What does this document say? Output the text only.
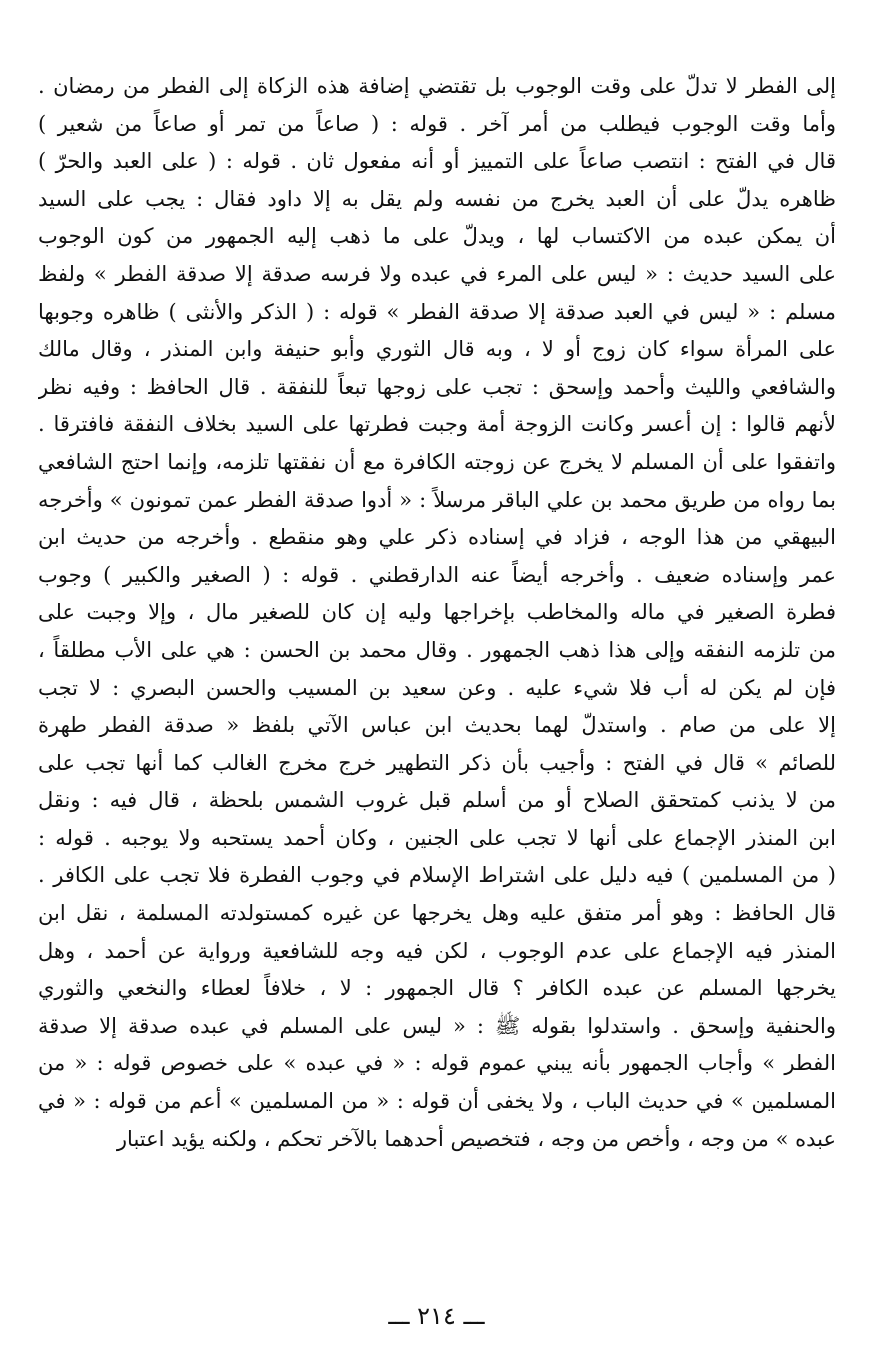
إلى الفطر لا تدلّ على وقت الوجوب بل تقتضي إضافة هذه الزكاة إلى الفطر من رمضان .
وأما وقت الوجوب فيطلب من أمر آخر . قوله : ( صاعاً من تمر أو صاعاً من شعير )
قال في الفتح : انتصب صاعاً على التمييز أو أنه مفعول ثان . قوله : ( على العبد والحرّ )
ظاهره يدلّ على أن العبد يخرج من نفسه ولم يقل به إلا داود فقال : يجب على السيد
أن يمكن عبده من الاكتساب لها ، ويدلّ على ما ذهب إليه الجمهور من كون الوجوب
على السيد حديث : « ليس على المرء في عبده ولا فرسه صدقة إلا صدقة الفطر » ولفظ
مسلم : « ليس في العبد صدقة إلا صدقة الفطر » قوله : ( الذكر والأنثى ) ظاهره وجوبها
على المرأة سواء كان زوج أو لا ، وبه قال الثوري وأبو حنيفة وابن المنذر ، وقال مالك
والشافعي والليث وأحمد وإسحق : تجب على زوجها تبعاً للنفقة . قال الحافظ : وفيه نظر
لأنهم قالوا : إن أعسر وكانت الزوجة أمة وجبت فطرتها على السيد بخلاف النفقة فافترقا .
واتفقوا على أن المسلم لا يخرج عن زوجته الكافرة مع أن نفقتها تلزمه، وإنما احتج الشافعي
بما رواه من طريق محمد بن علي الباقر مرسلاً : « أدوا صدقة الفطر عمن تمونون » وأخرجه
البيهقي من هذا الوجه ، فزاد في إسناده ذكر علي وهو منقطع . وأخرجه من حديث ابن
عمر وإسناده ضعيف . وأخرجه أيضاً عنه الدارقطني . قوله : ( الصغير والكبير ) وجوب
فطرة الصغير في ماله والمخاطب بإخراجها وليه إن كان للصغير مال ، وإلا وجبت على
من تلزمه النفقه وإلى هذا ذهب الجمهور . وقال محمد بن الحسن : هي على الأب مطلقاً ،
فإن لم يكن له أب فلا شيء عليه . وعن سعيد بن المسيب والحسن البصري : لا تجب
إلا على من صام . واستدلّ لهما بحديث ابن عباس الآتي بلفظ « صدقة الفطر طهرة
للصائم » قال في الفتح : وأجيب بأن ذكر التطهير خرج مخرج الغالب كما أنها تجب على
من لا يذنب كمتحقق الصلاح أو من أسلم قبل غروب الشمس بلحظة ، قال فيه : ونقل
ابن المنذر الإجماع على أنها لا تجب على الجنين ، وكان أحمد يستحبه ولا يوجبه . قوله :
( من المسلمين ) فيه دليل على اشتراط الإسلام في وجوب الفطرة فلا تجب على الكافر .
قال الحافظ : وهو أمر متفق عليه وهل يخرجها عن غيره كمستولدته المسلمة ، نقل ابن
المنذر فيه الإجماع على عدم الوجوب ، لكن فيه وجه للشافعية ورواية عن أحمد ، وهل
يخرجها المسلم عن عبده الكافر ؟ قال الجمهور : لا ، خلافاً لعطاء والنخعي والثوري
والحنفية وإسحق . واستدلوا بقوله ﷺ : « ليس على المسلم في عبده صدقة إلا صدقة
الفطر » وأجاب الجمهور بأنه يبني عموم قوله : « في عبده » على خصوص قوله : « من
المسلمين » في حديث الباب ، ولا يخفى أن قوله : « من المسلمين » أعم من قوله : « في
عبده » من وجه ، وأخص من وجه ، فتخصيص أحدهما بالآخر تحكم ، ولكنه يؤيد اعتبار
ـــ ٢١٤ ـــ
